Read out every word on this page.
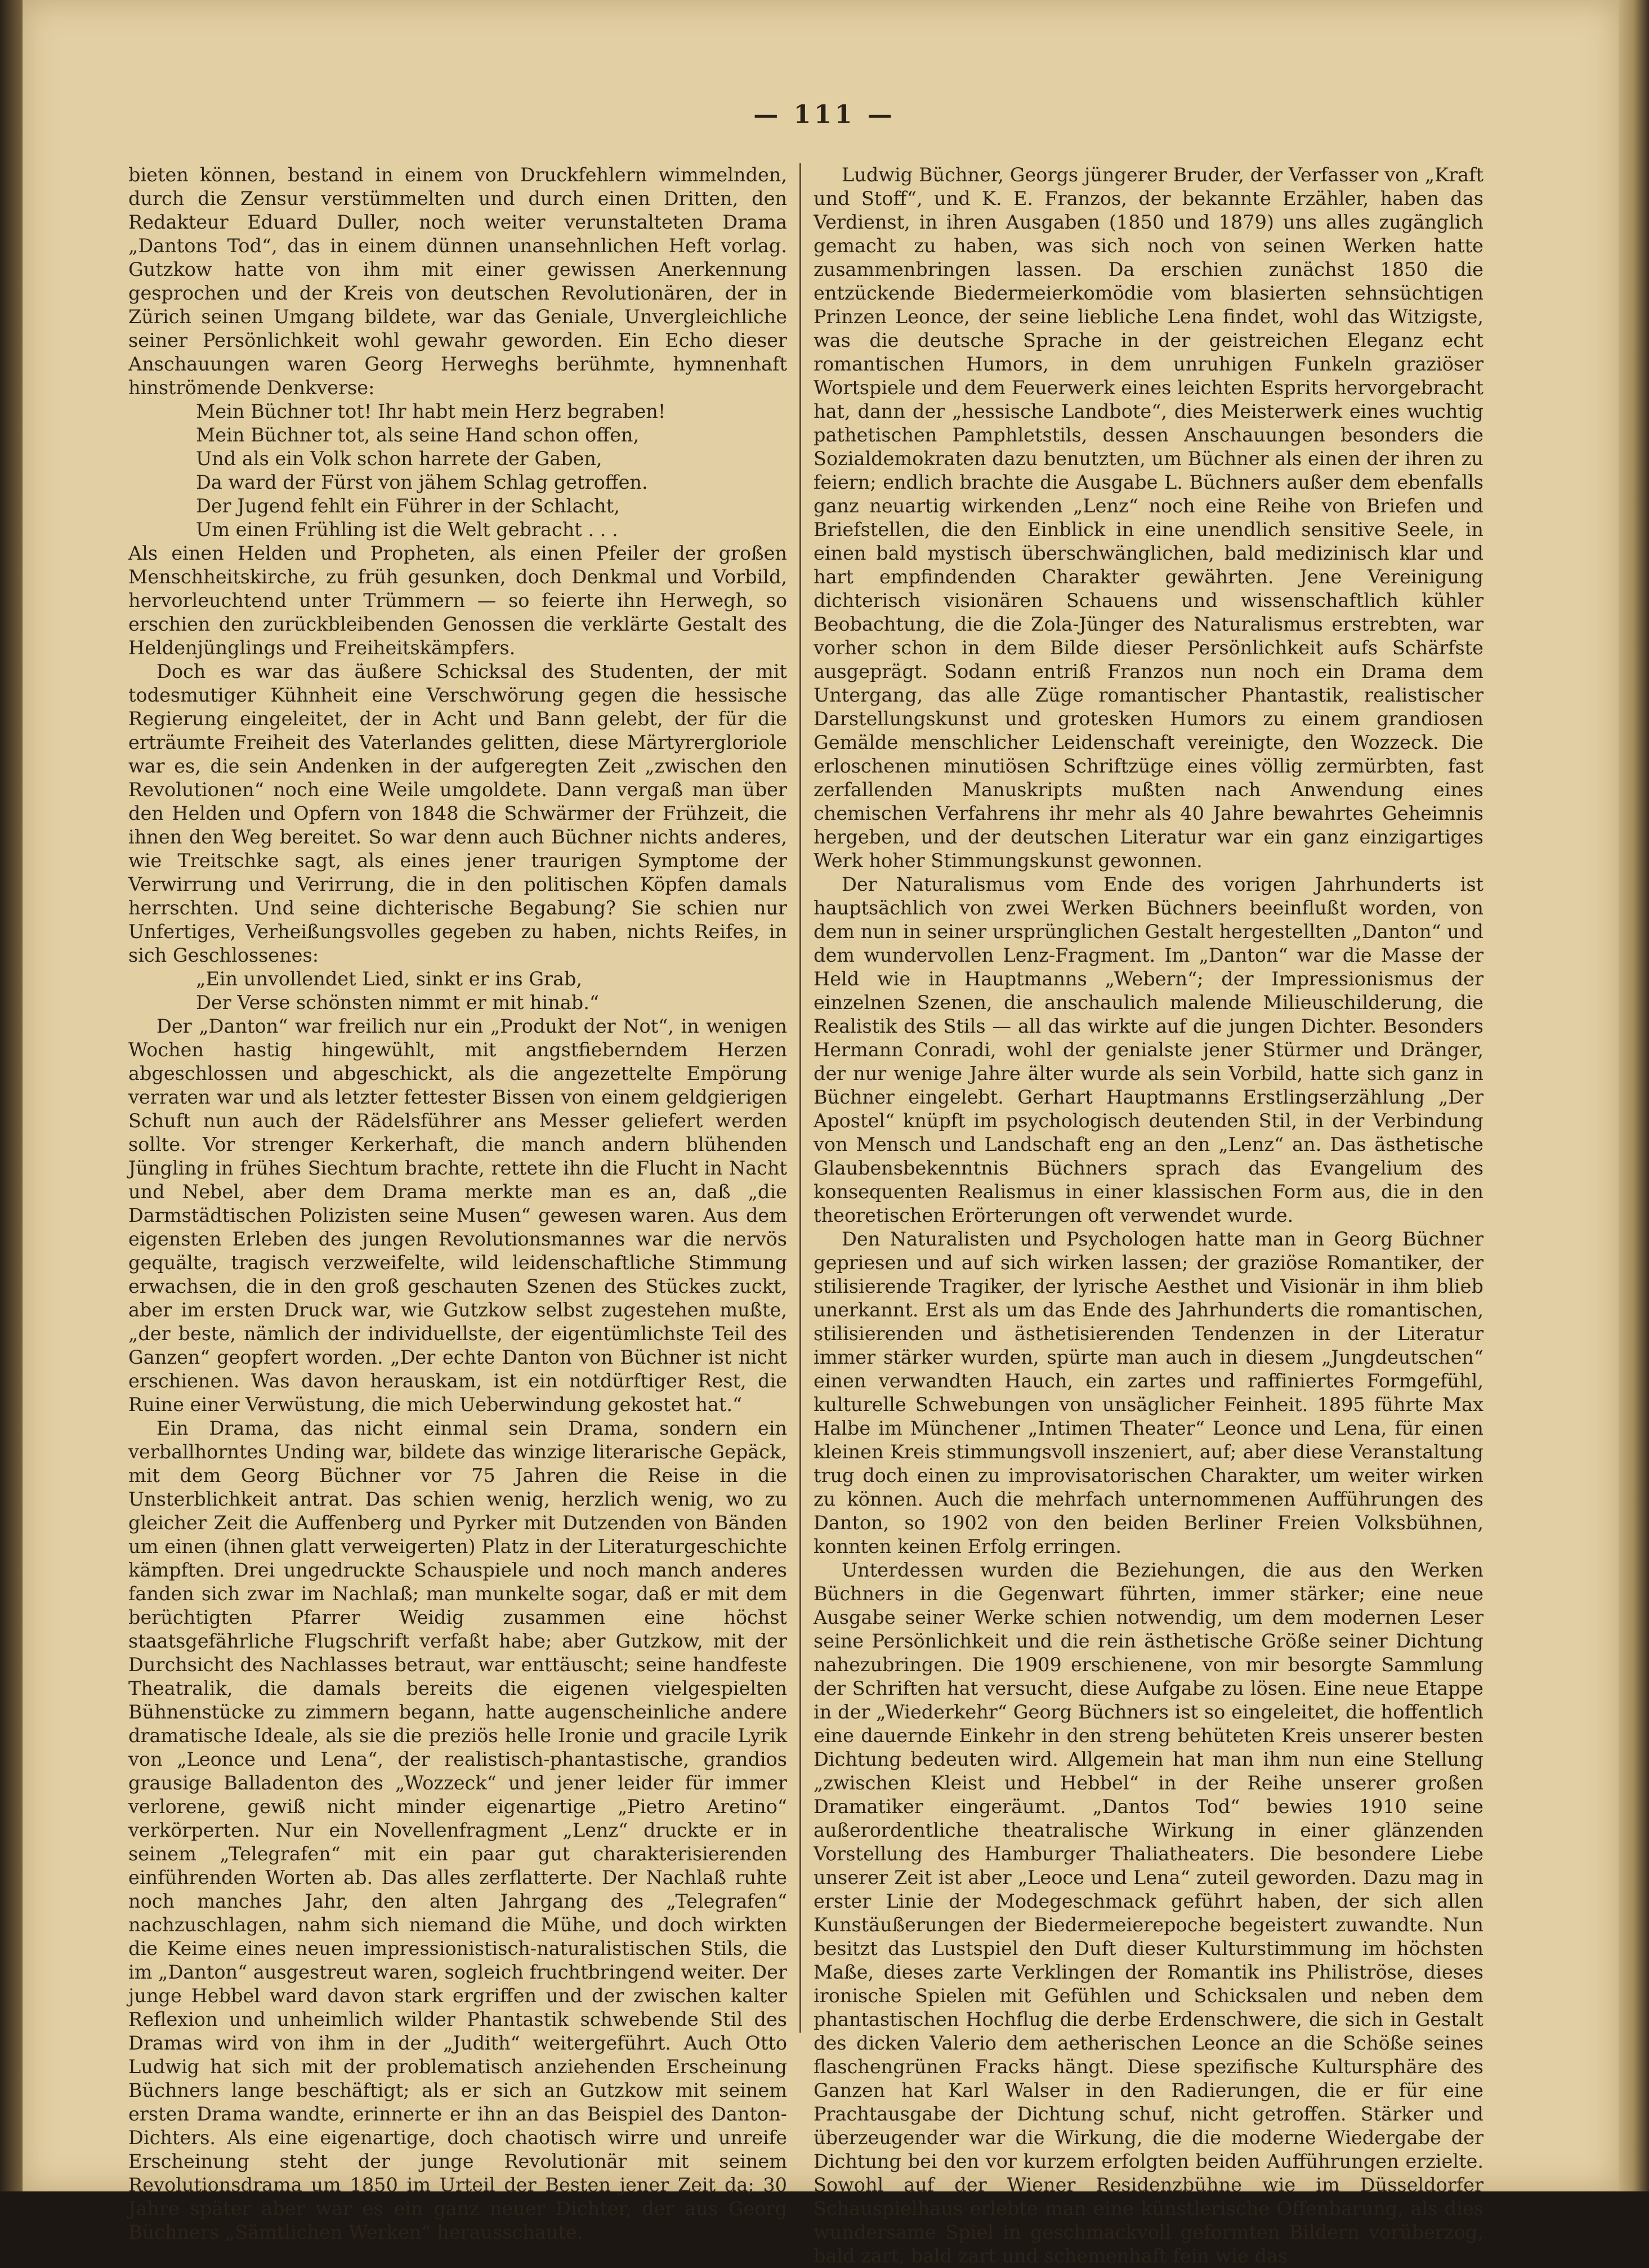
— 111 —

bieten können, bestand in einem von Druckfehlern wimmelnden, durch die Zensur verstümmelten und durch einen Dritten, den Redakteur Eduard Duller, noch weiter verunstalteten Drama „Dantons Tod“, das in einem dünnen unansehnlichen Heft vorlag. Gutzkow hatte von ihm mit einer gewissen Anerkennung gesprochen und der Kreis von deutschen Revolutionären, der in Zürich seinen Umgang bildete, war das Geniale, Unvergleichliche seiner Persönlichkeit wohl gewahr geworden. Ein Echo dieser Anschauungen waren Georg Herweghs berühmte, hymnenhaft hinströmende Denkverse:

Mein Büchner tot! Ihr habt mein Herz begraben!
Mein Büchner tot, als seine Hand schon offen,
Und als ein Volk schon harrete der Gaben,
Da ward der Fürst von jähem Schlag getroffen.
Der Jugend fehlt ein Führer in der Schlacht,
Um einen Frühling ist die Welt gebracht . . .

Als einen Helden und Propheten, als einen Pfeiler der großen Menschheitskirche, zu früh gesunken, doch Denkmal und Vorbild, hervorleuchtend unter Trümmern — so feierte ihn Herwegh, so erschien den zurückbleibenden Genossen die verklärte Gestalt des Heldenjünglings und Freiheitskämpfers.

Doch es war das äußere Schicksal des Studenten, der mit todesmutiger Kühnheit eine Verschwörung gegen die hessische Regierung eingeleitet, der in Acht und Bann gelebt, der für die erträumte Freiheit des Vaterlandes gelitten, diese Märtyrergloriole war es, die sein Andenken in der aufgeregten Zeit „zwischen den Revolutionen“ noch eine Weile umgoldete. Dann vergaß man über den Helden und Opfern von 1848 die Schwärmer der Frühzeit, die ihnen den Weg bereitet. So war denn auch Büchner nichts anderes, wie Treitschke sagt, als eines jener traurigen Symptome der Verwirrung und Verirrung, die in den politischen Köpfen damals herrschten. Und seine dichterische Begabung? Sie schien nur Unfertiges, Verheißungsvolles gegeben zu haben, nichts Reifes, in sich Geschlossenes:

„Ein unvollendet Lied, sinkt er ins Grab,
Der Verse schönsten nimmt er mit hinab.“

Der „Danton“ war freilich nur ein „Produkt der Not“, in wenigen Wochen hastig hingewühlt, mit angstfieberndem Herzen abgeschlossen und abgeschickt, als die angezettelte Empörung verraten war und als letzter fettester Bissen von einem geldgierigen Schuft nun auch der Rädelsführer ans Messer geliefert werden sollte. Vor strenger Kerkerhaft, die manch andern blühenden Jüngling in frühes Siechtum brachte, rettete ihn die Flucht in Nacht und Nebel, aber dem Drama merkte man es an, daß „die Darmstädtischen Polizisten seine Musen“ gewesen waren. Aus dem eigensten Erleben des jungen Revolutionsmannes war die nervös gequälte, tragisch verzweifelte, wild leidenschaftliche Stimmung erwachsen, die in den groß geschauten Szenen des Stückes zuckt, aber im ersten Druck war, wie Gutzkow selbst zugestehen mußte, „der beste, nämlich der individuellste, der eigentümlichste Teil des Ganzen“ geopfert worden. „Der echte Danton von Büchner ist nicht erschienen. Was davon herauskam, ist ein notdürftiger Rest, die Ruine einer Verwüstung, die mich Ueberwindung gekostet hat.“

Ein Drama, das nicht einmal sein Drama, sondern ein verballhorntes Unding war, bildete das winzige literarische Gepäck, mit dem Georg Büchner vor 75 Jahren die Reise in die Unsterblichkeit antrat. Das schien wenig, herzlich wenig, wo zu gleicher Zeit die Auffenberg und Pyrker mit Dutzenden von Bänden um einen (ihnen glatt verweigerten) Platz in der Literaturgeschichte kämpften. Drei ungedruckte Schauspiele und noch manch anderes fanden sich zwar im Nachlaß; man munkelte sogar, daß er mit dem berüchtigten Pfarrer Weidig zusammen eine höchst staatsgefährliche Flugschrift verfaßt habe; aber Gutzkow, mit der Durchsicht des Nachlasses betraut, war enttäuscht; seine handfeste Theatralik, die damals bereits die eigenen vielgespielten Bühnenstücke zu zimmern begann, hatte augenscheinliche andere dramatische Ideale, als sie die preziös helle Ironie und gracile Lyrik von „Leonce und Lena“, der realistisch-phantastische, grandios grausige Balladenton des „Wozzeck“ und jener leider für immer verlorene, gewiß nicht minder eigenartige „Pietro Aretino“ verkörperten. Nur ein Novellenfragment „Lenz“ druckte er in seinem „Telegrafen“ mit ein paar gut charakterisierenden einführenden Worten ab. Das alles zerflatterte. Der Nachlaß ruhte noch manches Jahr, den alten Jahrgang des „Telegrafen“ nachzuschlagen, nahm sich niemand die Mühe, und doch wirkten die Keime eines neuen impressionistisch-naturalistischen Stils, die im „Danton“ ausgestreut waren, sogleich fruchtbringend weiter. Der junge Hebbel ward davon stark ergriffen und der zwischen kalter Reflexion und unheimlich wilder Phantastik schwebende Stil des Dramas wird von ihm in der „Judith“ weitergeführt. Auch Otto Ludwig hat sich mit der problematisch anziehenden Erscheinung Büchners lange beschäftigt; als er sich an Gutzkow mit seinem ersten Drama wandte, erinnerte er ihn an das Beispiel des Danton-Dichters. Als eine eigenartige, doch chaotisch wirre und unreife Erscheinung steht der junge Revolutionär mit seinem Revolutionsdrama um 1850 im Urteil der Besten jener Zeit da; 30 Jahre später aber war es ein ganz neuer Dichter, der aus Georg Büchners „Sämtlichen Werken“ herausschaute.

Ludwig Büchner, Georgs jüngerer Bruder, der Verfasser von „Kraft und Stoff“, und K. E. Franzos, der bekannte Erzähler, haben das Verdienst, in ihren Ausgaben (1850 und 1879) uns alles zugänglich gemacht zu haben, was sich noch von seinen Werken hatte zusammenbringen lassen. Da erschien zunächst 1850 die entzückende Biedermeierkomödie vom blasierten sehnsüchtigen Prinzen Leonce, der seine liebliche Lena findet, wohl das Witzigste, was die deutsche Sprache in der geistreichen Eleganz echt romantischen Humors, in dem unruhigen Funkeln graziöser Wortspiele und dem Feuerwerk eines leichten Esprits hervorgebracht hat, dann der „hessische Landbote“, dies Meisterwerk eines wuchtig pathetischen Pamphletstils, dessen Anschauungen besonders die Sozialdemokraten dazu benutzten, um Büchner als einen der ihren zu feiern; endlich brachte die Ausgabe L. Büchners außer dem ebenfalls ganz neuartig wirkenden „Lenz“ noch eine Reihe von Briefen und Briefstellen, die den Einblick in eine unendlich sensitive Seele, in einen bald mystisch überschwänglichen, bald medizinisch klar und hart empfindenden Charakter gewährten. Jene Vereinigung dichterisch visionären Schauens und wissenschaftlich kühler Beobachtung, die die Zola-Jünger des Naturalismus erstrebten, war vorher schon in dem Bilde dieser Persönlichkeit aufs Schärfste ausgeprägt. Sodann entriß Franzos nun noch ein Drama dem Untergang, das alle Züge romantischer Phantastik, realistischer Darstellungskunst und grotesken Humors zu einem grandiosen Gemälde menschlicher Leidenschaft vereinigte, den Wozzeck. Die erloschenen minutiösen Schriftzüge eines völlig zermürbten, fast zerfallenden Manuskripts mußten nach Anwendung eines chemischen Verfahrens ihr mehr als 40 Jahre bewahrtes Geheimnis hergeben, und der deutschen Literatur war ein ganz einzigartiges Werk hoher Stimmungskunst gewonnen.

Der Naturalismus vom Ende des vorigen Jahrhunderts ist hauptsächlich von zwei Werken Büchners beeinflußt worden, von dem nun in seiner ursprünglichen Gestalt hergestellten „Danton“ und dem wundervollen Lenz-Fragment. Im „Danton“ war die Masse der Held wie in Hauptmanns „Webern“; der Impressionismus der einzelnen Szenen, die anschaulich malende Milieuschilderung, die Realistik des Stils — all das wirkte auf die jungen Dichter. Besonders Hermann Conradi, wohl der genialste jener Stürmer und Dränger, der nur wenige Jahre älter wurde als sein Vorbild, hatte sich ganz in Büchner eingelebt. Gerhart Hauptmanns Erstlingserzählung „Der Apostel“ knüpft im psychologisch deutenden Stil, in der Verbindung von Mensch und Landschaft eng an den „Lenz“ an. Das ästhetische Glaubensbekenntnis Büchners sprach das Evangelium des konsequenten Realismus in einer klassischen Form aus, die in den theoretischen Erörterungen oft verwendet wurde.

Den Naturalisten und Psychologen hatte man in Georg Büchner gepriesen und auf sich wirken lassen; der graziöse Romantiker, der stilisierende Tragiker, der lyrische Aesthet und Visionär in ihm blieb unerkannt. Erst als um das Ende des Jahrhunderts die romantischen, stilisierenden und ästhetisierenden Tendenzen in der Literatur immer stärker wurden, spürte man auch in diesem „Jungdeutschen“ einen verwandten Hauch, ein zartes und raffiniertes Formgefühl, kulturelle Schwebungen von unsäglicher Feinheit. 1895 führte Max Halbe im Münchener „Intimen Theater“ Leonce und Lena, für einen kleinen Kreis stimmungsvoll inszeniert, auf; aber diese Veranstaltung trug doch einen zu improvisatorischen Charakter, um weiter wirken zu können. Auch die mehrfach unternommenen Aufführungen des Danton, so 1902 von den beiden Berliner Freien Volksbühnen, konnten keinen Erfolg erringen.

Unterdessen wurden die Beziehungen, die aus den Werken Büchners in die Gegenwart führten, immer stärker; eine neue Ausgabe seiner Werke schien notwendig, um dem modernen Leser seine Persönlichkeit und die rein ästhetische Größe seiner Dichtung nahezubringen. Die 1909 erschienene, von mir besorgte Sammlung der Schriften hat versucht, diese Aufgabe zu lösen. Eine neue Etappe in der „Wiederkehr“ Georg Büchners ist so eingeleitet, die hoffentlich eine dauernde Einkehr in den streng behüteten Kreis unserer besten Dichtung bedeuten wird. Allgemein hat man ihm nun eine Stellung „zwischen Kleist und Hebbel“ in der Reihe unserer großen Dramatiker eingeräumt. „Dantos Tod“ bewies 1910 seine außerordentliche theatralische Wirkung in einer glänzenden Vorstellung des Hamburger Thaliatheaters. Die besondere Liebe unserer Zeit ist aber „Leoce und Lena“ zuteil geworden. Dazu mag in erster Linie der Modegeschmack geführt haben, der sich allen Kunstäußerungen der Biedermeierepoche begeistert zuwandte. Nun besitzt das Lustspiel den Duft dieser Kulturstimmung im höchsten Maße, dieses zarte Verklingen der Romantik ins Philiströse, dieses ironische Spielen mit Gefühlen und Schicksalen und neben dem phantastischen Hochflug die derbe Erdenschwere, die sich in Gestalt des dicken Valerio dem aetherischen Leonce an die Schöße seines flaschengrünen Fracks hängt. Diese spezifische Kultursphäre des Ganzen hat Karl Walser in den Radierungen, die er für eine Prachtausgabe der Dichtung schuf, nicht getroffen. Stärker und überzeugender war die Wirkung, die die moderne Wiedergabe der Dichtung bei den vor kurzem erfolgten beiden Aufführungen erzielte. Sowohl auf der Wiener Residenzbühne wie im Düsseldorfer Schauspielhaus erlebte man eine künstlerische Offenbarung, als dies wundersame Spiel in geschmackvoll geformten Bildern vorüberzog, bald zart, bald zart und schemenhaft fein wie das
